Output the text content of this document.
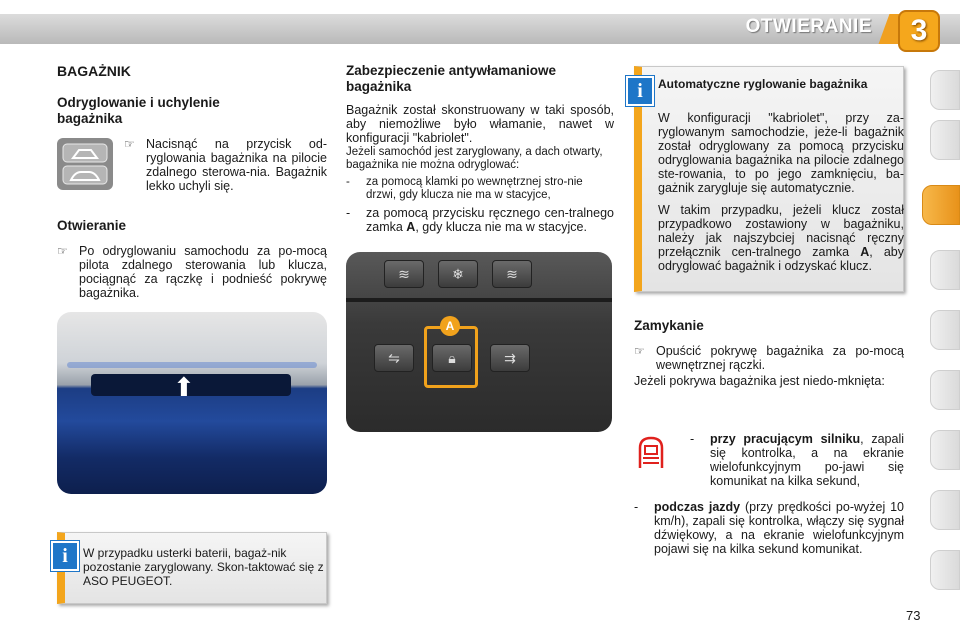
OTWIERANIE	3
BAGAŻNIK
Odryglowanie i uchylenie bagażnika
☞ Nacisnąć na przycisk od-ryglowania bagażnika na pilocie zdalnego sterowa-nia. Bagażnik lekko uchyli się.
Otwieranie
☞ Po odryglowaniu samochodu za po-mocą pilota zdalnego sterowania lub klucza, pociągnąć za rączkę i podnieść pokrywę bagażnika.
⬆
W przypadku usterki baterii, bagaż-nik pozostanie zaryglowany. Skon-taktować się z ASO PEUGEOT.
i
Zabezpieczenie antywłamaniowe bagażnika
Bagażnik został skonstruowany w taki sposób, aby niemożliwe było włamanie, nawet w konfiguracji "kabriolet".
Jeżeli samochód jest zaryglowany, a dach otwarty, bagażnika nie można odryglować:
-	za pomocą klamki po wewnętrznej stro-nie drzwi, gdy klucza nie ma w stacyjce,
-	za pomocą przycisku ręcznego cen-tralnego zamka A, gdy klucza nie ma w stacyjce.
≋	❄	≋
⇋	🔒︎	⇉
A
Automatyczne ryglowanie bagażnika
W konfiguracji "kabriolet", przy za-ryglowanym samochodzie, jeże-li bagażnik został odryglowany za pomocą przycisku odryglowania bagażnika na pilocie zdalnego ste-rowania, to po jego zamknięciu, ba-gażnik zarygluje się automatycznie.
W takim przypadku, jeżeli klucz został przypadkowo zostawiony w bagażniku, należy jak najszybciej nacisnąć ręczny przełącznik cen-tralnego zamka A, aby odryglować bagażnik i odzyskać klucz.
i
Zamykanie
☞ Opuścić pokrywę bagażnika za po-mocą wewnętrznej rączki.
Jeżeli pokrywa bagażnika jest niedo-mknięta:
-	przy pracującym silniku, zapali się kontrolka, a na ekranie wielofunkcyjnym po-jawi się komunikat na kilka sekund,
-	podczas jazdy (przy prędkości po-wyżej 10 km/h), zapali się kontrolka, włączy się sygnał dźwiękowy, a na ekranie wielofunkcyjnym pojawi się na kilka sekund komunikat.
73
